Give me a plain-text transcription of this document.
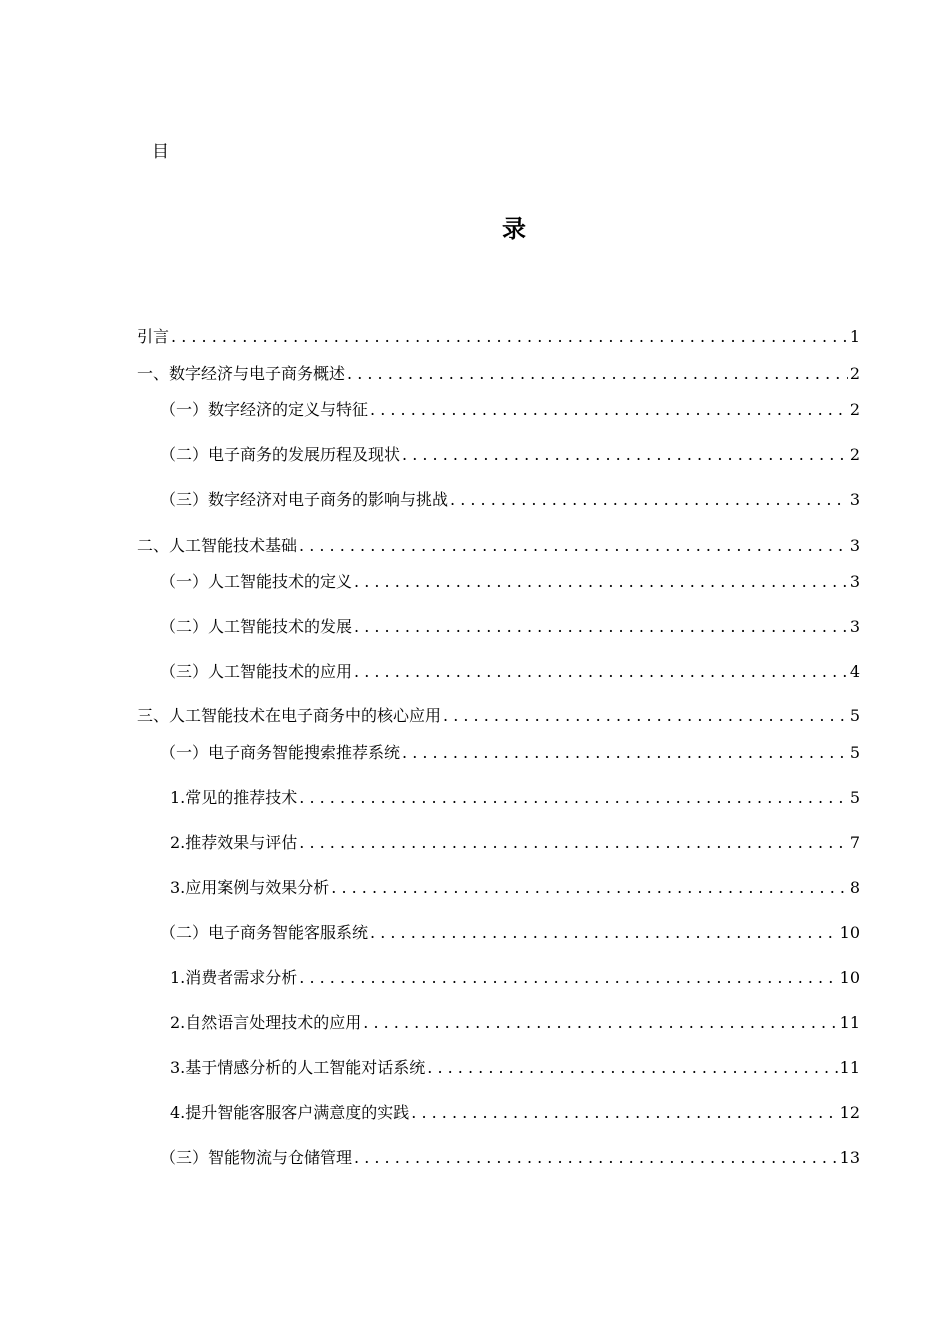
目
录
引言 . . .	1
一、数字经济与电子商务概述 . . .	2
（一）数字经济的定义与特征 . . .	2
（二）电子商务的发展历程及现状 . . .	2
（三）数字经济对电子商务的影响与挑战 . . .	3
二、人工智能技术基础 . . .	3
（一）人工智能技术的定义 . . .	3
（二）人工智能技术的发展 . . .	3
（三）人工智能技术的应用 . . .	4
三、人工智能技术在电子商务中的核心应用 . . .	5
（一）电子商务智能搜索推荐系统 . . .	5
1.常见的推荐技术 . . .	5
2.推荐效果与评估 . . .	7
3.应用案例与效果分析 . . .	8
（二）电子商务智能客服系统 . . .	10
1.消费者需求分析 . . .	10
2.自然语言处理技术的应用 . . .	11
3.基于情感分析的人工智能对话系统 . . .	11
4.提升智能客服客户满意度的实践 . . .	12
（三）智能物流与仓储管理 . . .	13
